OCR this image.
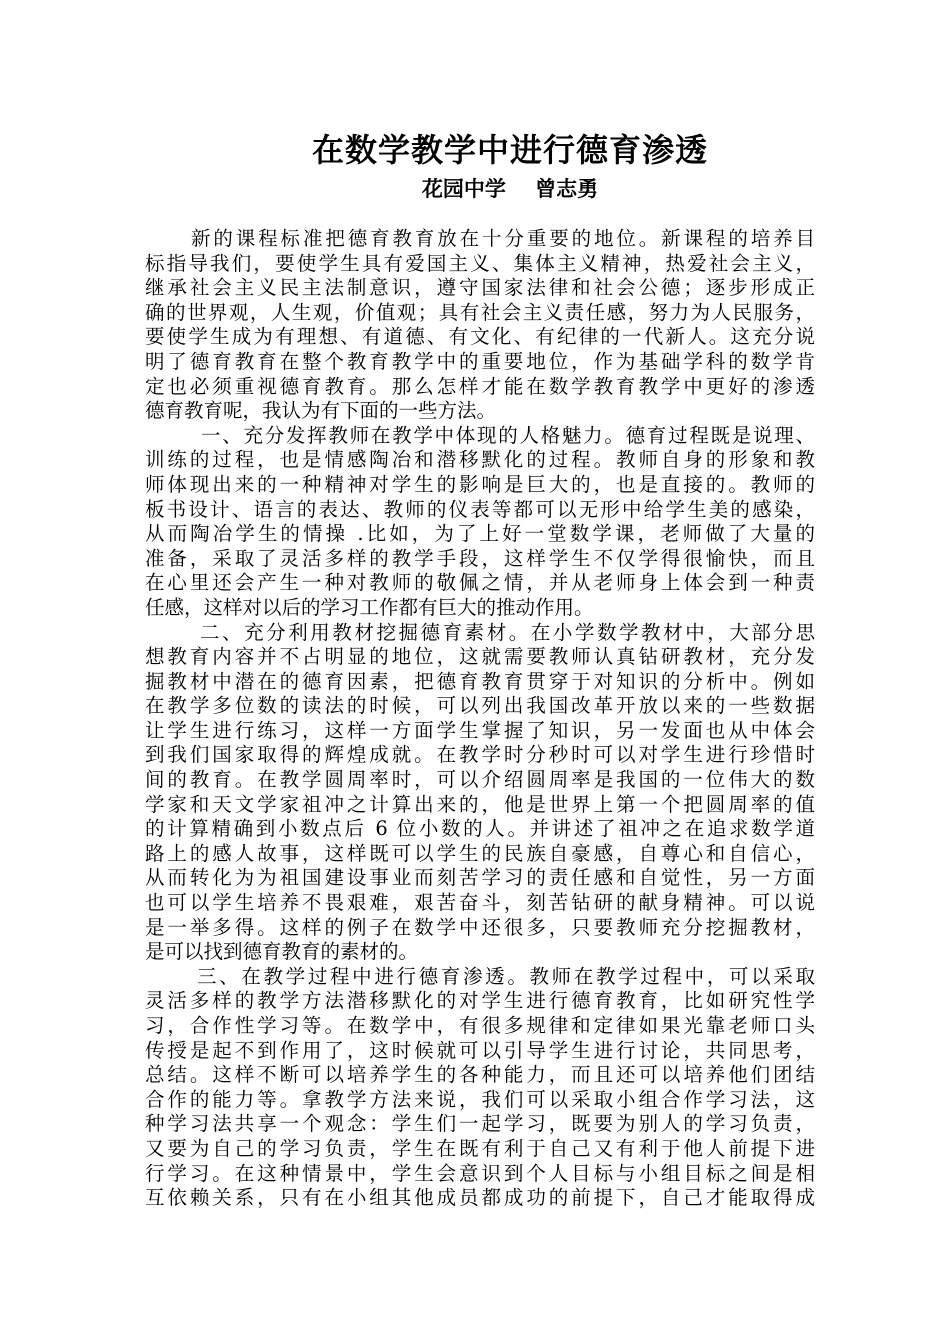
在数学教学中进行德育渗透
花园中学    曾志勇
新的课程标准把德育教育放在十分重要的地位。新课程的培养目
标指导我们，要使学生具有爱国主义、集体主义精神，热爱社会主义，
继承社会主义民主法制意识，遵守国家法律和社会公德；逐步形成正
确的世界观，人生观，价值观；具有社会主义责任感，努力为人民服务，
要使学生成为有理想、有道德、有文化、有纪律的一代新人。这充分说
明了德育教育在整个教育教学中的重要地位，作为基础学科的数学肯
定也必须重视德育教育。那么怎样才能在数学教育教学中更好的渗透
德育教育呢，我认为有下面的一些方法。
一、充分发挥教师在教学中体现的人格魅力。德育过程既是说理、
训练的过程，也是情感陶冶和潜移默化的过程。教师自身的形象和教
师体现出来的一种精神对学生的影响是巨大的，也是直接的。教师的
板书设计、语言的表达、教师的仪表等都可以无形中给学生美的感染，
从而陶冶学生的情操 .比如，为了上好一堂数学课，老师做了大量的
准备，采取了灵活多样的教学手段，这样学生不仅学得很愉快，而且
在心里还会产生一种对教师的敬佩之情，并从老师身上体会到一种责
任感，这样对以后的学习工作都有巨大的推动作用。
二、充分利用教材挖掘德育素材。在小学数学教材中，大部分思
想教育内容并不占明显的地位，这就需要教师认真钻研教材，充分发
掘教材中潜在的德育因素，把德育教育贯穿于对知识的分析中。例如
在教学多位数的读法的时候，可以列出我国改革开放以来的一些数据
让学生进行练习，这样一方面学生掌握了知识，另一发面也从中体会
到我们国家取得的辉煌成就。在教学时分秒时可以对学生进行珍惜时
间的教育。在教学圆周率时，可以介绍圆周率是我国的一位伟大的数
学家和天文学家祖冲之计算出来的，他是世界上第一个把圆周率的值
的计算精确到小数点后 6 位小数的人。并讲述了祖冲之在追求数学道
路上的感人故事，这样既可以学生的民族自豪感，自尊心和自信心，
从而转化为为祖国建设事业而刻苦学习的责任感和自觉性，另一方面
也可以学生培养不畏艰难，艰苦奋斗，刻苦钻研的献身精神。可以说
是一举多得。这样的例子在数学中还很多，只要教师充分挖掘教材，
是可以找到德育教育的素材的。
三、在教学过程中进行德育渗透。教师在教学过程中，可以采取
灵活多样的教学方法潜移默化的对学生进行德育教育，比如研究性学
习，合作性学习等。在数学中，有很多规律和定律如果光靠老师口头
传授是起不到作用了，这时候就可以引导学生进行讨论，共同思考，
总结。这样不断可以培养学生的各种能力，而且还可以培养他们团结
合作的能力等。拿教学方法来说，我们可以采取小组合作学习法，这
种学习法共享一个观念：学生们一起学习，既要为别人的学习负责，
又要为自己的学习负责，学生在既有利于自己又有利于他人前提下进
行学习。在这种情景中，学生会意识到个人目标与小组目标之间是相
互依赖关系，只有在小组其他成员都成功的前提下，自己才能取得成
